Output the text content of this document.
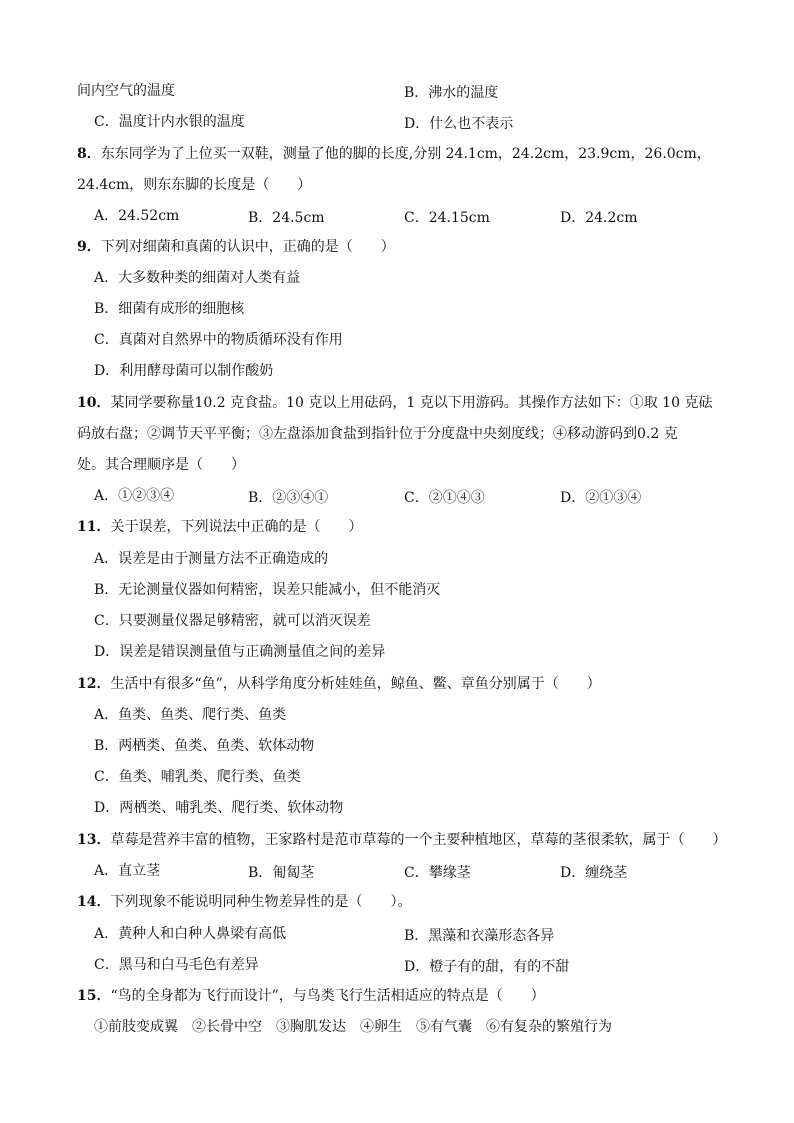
间内空气的温度	B．沸水的温度
C．温度计内水银的温度	D．什么也不表示
8．东东同学为了上位买一双鞋，测量了他的脚的长度,分别 24.1cm，24.2cm，23.9cm，26.0cm，
24.4cm，则东东脚的长度是（　　）
A．24.52cm	B．24.5cm	C．24.15cm	D．24.2cm
9．下列对细菌和真菌的认识中，正确的是（　　）
A．大多数种类的细菌对人类有益
B．细菌有成形的细胞核
C．真菌对自然界中的物质循环没有作用
D．利用酵母菌可以制作酸奶
10．某同学要称量10.2 克食盐。10 克以上用砝码，1 克以下用游码。其操作方法如下：①取 10 克砝
码放右盘；②调节天平平衡；③左盘添加食盐到指针位于分度盘中央刻度线；④移动游码到0.2 克
处。其合理顺序是（　　）
A．①②③④	B．②③④①	C．②①④③	D．②①③④
11．关于误差，下列说法中正确的是（　　）
A．误差是由于测量方法不正确造成的
B．无论测量仪器如何精密，误差只能减小，但不能消灭
C．只要测量仪器足够精密，就可以消灭误差
D．误差是错误测量值与正确测量值之间的差异
12．生活中有很多“鱼”，从科学角度分析娃娃鱼，鲸鱼、鳖、章鱼分别属于（　　）
A．鱼类、鱼类、爬行类、鱼类
B．两栖类、鱼类、鱼类、软体动物
C．鱼类、哺乳类、爬行类、鱼类
D．两栖类、哺乳类、爬行类、软体动物
13．草莓是营养丰富的植物，王家路村是范市草莓的一个主要种植地区，草莓的茎很柔软，属于（　　）
A．直立茎	B．匍匐茎	C．攀缘茎	D．缠绕茎
14．下列现象不能说明同种生物差异性的是（　　）。
A．黄种人和白种人鼻梁有高低	B．黑藻和衣藻形态各异
C．黑马和白马毛色有差异	D．橙子有的甜，有的不甜
15．“鸟的全身都为飞行而设计”，与鸟类飞行生活相适应的特点是（　　）
①前肢变成翼　②长骨中空　③胸肌发达　④卵生　⑤有气囊　⑥有复杂的繁殖行为
